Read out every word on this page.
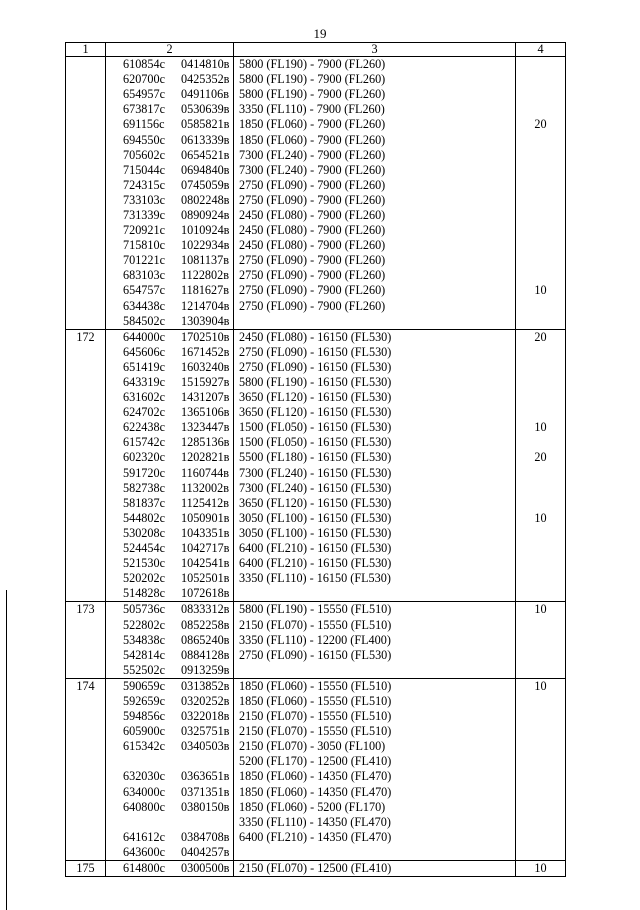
19
1	2	3	4
	610854с 0414810в	5800 (FL190) - 7900 (FL260)	
	620700с 0425352в	5800 (FL190) - 7900 (FL260)	
	654957с 0491106в	5800 (FL190) - 7900 (FL260)	
	673817с 0530639в	3350 (FL110) - 7900 (FL260)	
	691156с 0585821в	1850 (FL060) - 7900 (FL260)	20
	694550с 0613339в	1850 (FL060) - 7900 (FL260)	
	705602с 0654521в	7300 (FL240) - 7900 (FL260)	
	715044с 0694840в	7300 (FL240) - 7900 (FL260)	
	724315с 0745059в	2750 (FL090) - 7900 (FL260)	
	733103с 0802248в	2750 (FL090) - 7900 (FL260)	
	731339с 0890924в	2450 (FL080) - 7900 (FL260)	
	720921с 1010924в	2450 (FL080) - 7900 (FL260)	
	715810с 1022934в	2450 (FL080) - 7900 (FL260)	
	701221с 1081137в	2750 (FL090) - 7900 (FL260)	
	683103с 1122802в	2750 (FL090) - 7900 (FL260)	
	654757с 1181627в	2750 (FL090) - 7900 (FL260)	10
	634438с 1214704в	2750 (FL090) - 7900 (FL260)	
	584502с 1303904в		
172	644000с 1702510в	2450 (FL080) - 16150 (FL530)	20
	645606с 1671452в	2750 (FL090) - 16150 (FL530)	
	651419с 1603240в	2750 (FL090) - 16150 (FL530)	
	643319с 1515927в	5800 (FL190) - 16150 (FL530)	
	631602с 1431207в	3650 (FL120) - 16150 (FL530)	
	624702с 1365106в	3650 (FL120) - 16150 (FL530)	
	622438с 1323447в	1500 (FL050) - 16150 (FL530)	10
	615742с 1285136в	1500 (FL050) - 16150 (FL530)	
	602320с 1202821в	5500 (FL180) - 16150 (FL530)	20
	591720с 1160744в	7300 (FL240) - 16150 (FL530)	
	582738с 1132002в	7300 (FL240) - 16150 (FL530)	
	581837с 1125412в	3650 (FL120) - 16150 (FL530)	
	544802с 1050901в	3050 (FL100) - 16150 (FL530)	10
	530208с 1043351в	3050 (FL100) - 16150 (FL530)	
	524454с 1042717в	6400 (FL210) - 16150 (FL530)	
	521530с 1042541в	6400 (FL210) - 16150 (FL530)	
	520202с 1052501в	3350 (FL110) - 16150 (FL530)	
	514828с 1072618в		
173	505736с 0833312в	5800 (FL190) - 15550 (FL510)	10
	522802с 0852258в	2150 (FL070) - 15550 (FL510)	
	534838с 0865240в	3350 (FL110) - 12200 (FL400)	
	542814с 0884128в	2750 (FL090) - 16150 (FL530)	
	552502с 0913259в		
174	590659с 0313852в	1850 (FL060) - 15550 (FL510)	10
	592659с 0320252в	1850 (FL060) - 15550 (FL510)	
	594856с 0322018в	2150 (FL070) - 15550 (FL510)	
	605900с 0325751в	2150 (FL070) - 15550 (FL510)	
	615342с 0340503в	2150 (FL070) - 3050 (FL100)	
		5200 (FL170) - 12500 (FL410)	
	632030с 0363651в	1850 (FL060) - 14350 (FL470)	
	634000с 0371351в	1850 (FL060) - 14350 (FL470)	
	640800с 0380150в	1850 (FL060) - 5200 (FL170)	
		3350 (FL110) - 14350 (FL470)	
	641612с 0384708в	6400 (FL210) - 14350 (FL470)	
	643600с 0404257в		
175	614800с 0300500в	2150 (FL070) - 12500 (FL410)	10
